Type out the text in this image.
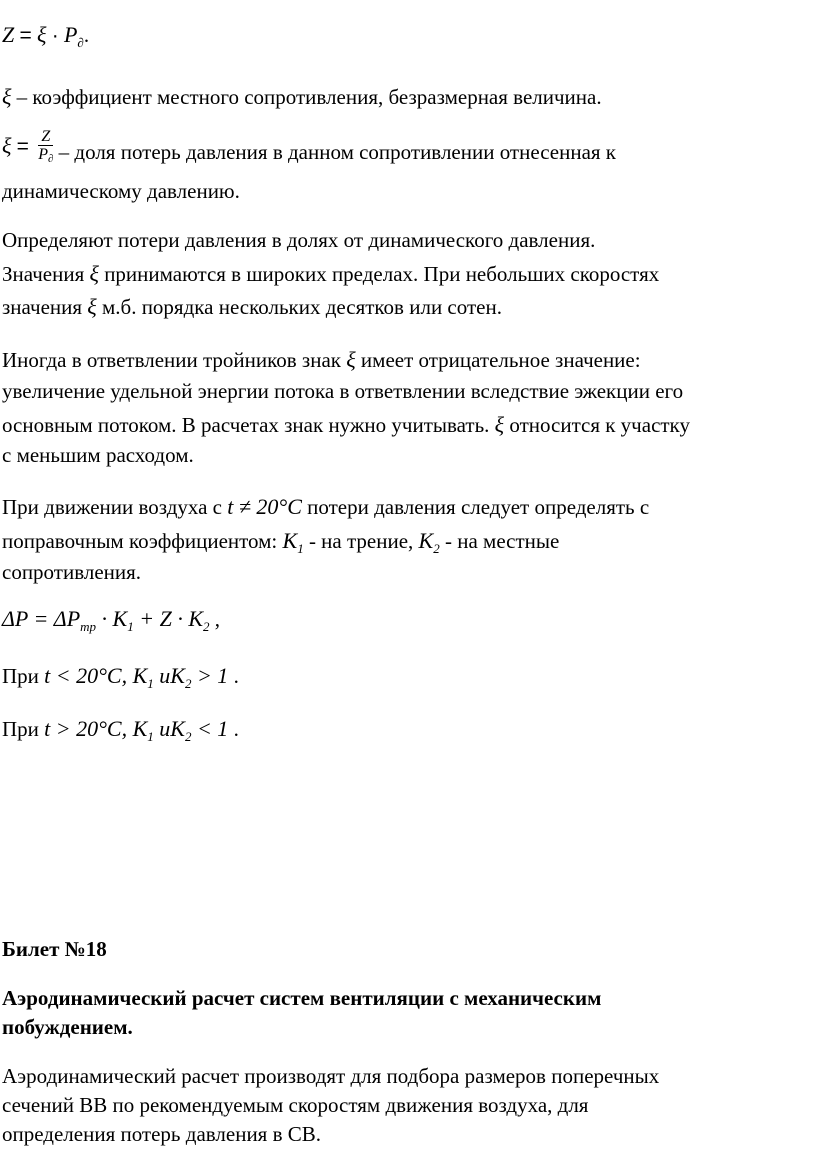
$Z = \xi \cdot P_\partial$.
ξ – коэффициент местного сопротивления, безразмерная величина.
$\xi = \frac{Z}{P_\partial}$ – доля потерь давления в данном сопротивлении отнесенная к
динамическому давлению.
Определяют потери давления в долях от динамического давления.
Значения ξ принимаются в широких пределах. При небольших скоростях
значения ξ м.б. порядка нескольких десятков или сотен.
Иногда в ответвлении тройников знак ξ имеет отрицательное значение:
увеличение удельной энергии потока в ответвлении вследствие эжекции его
основным потоком. В расчетах знак нужно учитывать. ξ относится к участку
с меньшим расходом.
При движении воздуха с t ≠ 20°C потери давления следует определять с
поправочным коэффициентом: $K_1$ - на трение, $K_2$ - на местные
сопротивления.
$\Delta P = \Delta P_{тр} \cdot K_1 + Z \cdot K_2$ ,
При t < 20°C, $K_1$ $uK_2 > 1$ .
При t > 20°C, $K_1$ $uK_2 < 1$ .
Билет №18
Аэродинамический расчет систем вентиляции с механическим
побуждением.
Аэродинамический расчет производят для подбора размеров поперечных
сечений ВВ по рекомендуемым скоростям движения воздуха, для
определения потерь давления в СВ.
